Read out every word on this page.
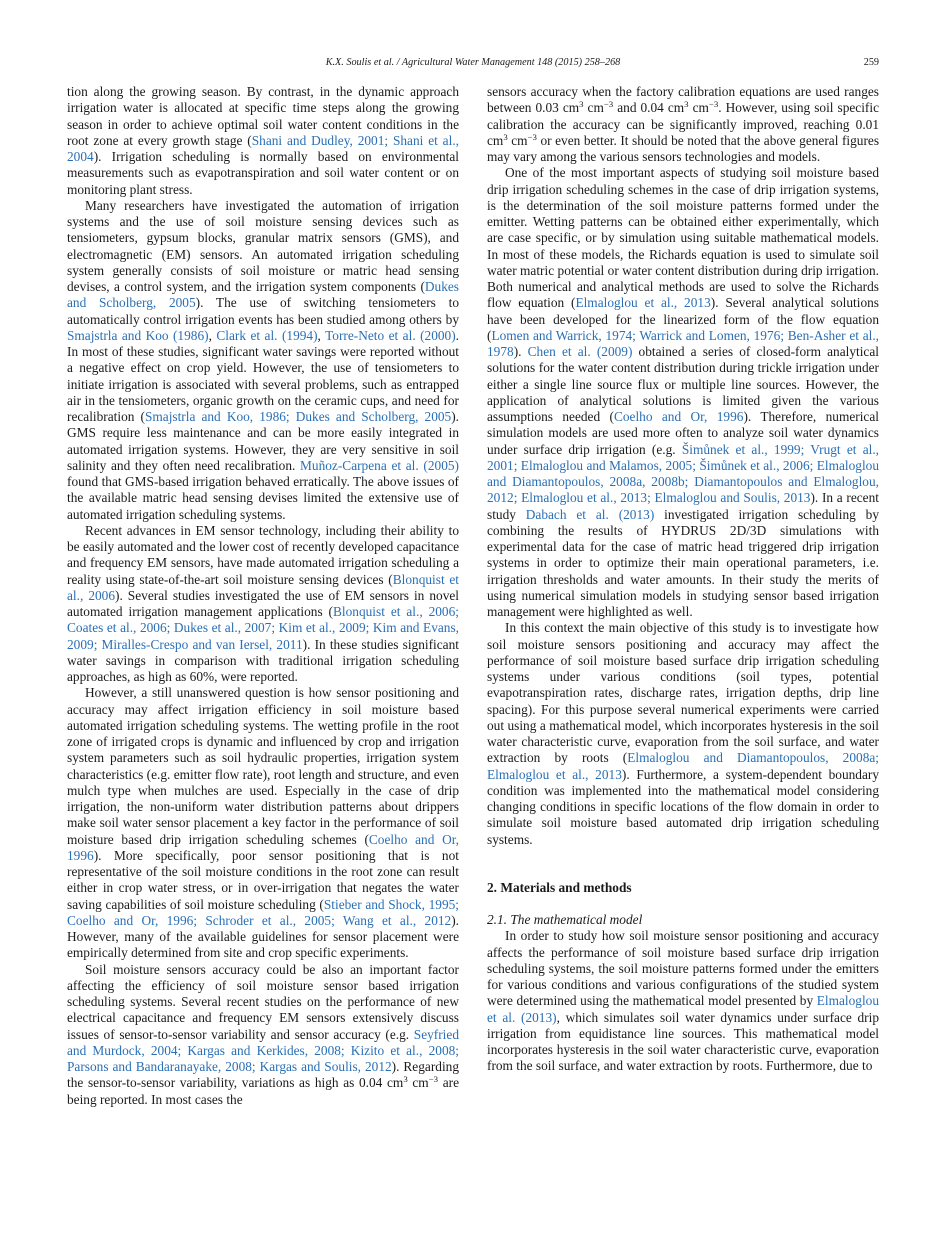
K.X. Soulis et al. / Agricultural Water Management 148 (2015) 258–268	259

tion along the growing season. By contrast, in the dynamic approach irrigation water is allocated at specific time steps along the growing season in order to achieve optimal soil water content conditions in the root zone at every growth stage (Shani and Dudley, 2001; Shani et al., 2004). Irrigation scheduling is normally based on environmental measurements such as evapotranspiration and soil water content or on monitoring plant stress.

Many researchers have investigated the automation of irrigation systems and the use of soil moisture sensing devices such as tensiometers, gypsum blocks, granular matrix sensors (GMS), and electromagnetic (EM) sensors. An automated irrigation scheduling system generally consists of soil moisture or matric head sensing devises, a control system, and the irrigation system components (Dukes and Scholberg, 2005). The use of switching tensiometers to automatically control irrigation events has been studied among others by Smajstrla and Koo (1986), Clark et al. (1994), Torre-Neto et al. (2000). In most of these studies, significant water savings were reported without a negative effect on crop yield. However, the use of tensiometers to initiate irrigation is associated with several problems, such as entrapped air in the tensiometers, organic growth on the ceramic cups, and need for recalibration (Smajstrla and Koo, 1986; Dukes and Scholberg, 2005). GMS require less maintenance and can be more easily integrated in automated irrigation systems. However, they are very sensitive in soil salinity and they often need recalibration. Muñoz-Carpena et al. (2005) found that GMS-based irrigation behaved erratically. The above issues of the available matric head sensing devises limited the extensive use of automated irrigation scheduling systems.

Recent advances in EM sensor technology, including their ability to be easily automated and the lower cost of recently developed capacitance and frequency EM sensors, have made automated irrigation scheduling a reality using state-of-the-art soil moisture sensing devices (Blonquist et al., 2006). Several studies investigated the use of EM sensors in novel automated irrigation management applications (Blonquist et al., 2006; Coates et al., 2006; Dukes et al., 2007; Kim et al., 2009; Kim and Evans, 2009; Miralles-Crespo and van Iersel, 2011). In these studies significant water savings in comparison with traditional irrigation scheduling approaches, as high as 60%, were reported.

However, a still unanswered question is how sensor positioning and accuracy may affect irrigation efficiency in soil moisture based automated irrigation scheduling systems. The wetting profile in the root zone of irrigated crops is dynamic and influenced by crop and irrigation system parameters such as soil hydraulic properties, irrigation system characteristics (e.g. emitter flow rate), root length and structure, and even mulch type when mulches are used. Especially in the case of drip irrigation, the non-uniform water distribution patterns about drippers make soil water sensor placement a key factor in the performance of soil moisture based drip irrigation scheduling schemes (Coelho and Or, 1996). More specifically, poor sensor positioning that is not representative of the soil moisture conditions in the root zone can result either in crop water stress, or in over-irrigation that negates the water saving capabilities of soil moisture scheduling (Stieber and Shock, 1995; Coelho and Or, 1996; Schroder et al., 2005; Wang et al., 2012). However, many of the available guidelines for sensor placement were empirically determined from site and crop specific experiments.

Soil moisture sensors accuracy could be also an important factor affecting the efficiency of soil moisture sensor based irrigation scheduling systems. Several recent studies on the performance of new electrical capacitance and frequency EM sensors extensively discuss issues of sensor-to-sensor variability and sensor accuracy (e.g. Seyfried and Murdock, 2004; Kargas and Kerkides, 2008; Kizito et al., 2008; Parsons and Bandaranayake, 2008; Kargas and Soulis, 2012). Regarding the sensor-to-sensor variability, variations as high as 0.04 $cm^3$ $cm^{-3}$ are being reported. In most cases the

sensors accuracy when the factory calibration equations are used ranges between 0.03 $cm^3$ $cm^{-3}$ and 0.04 $cm^3$ $cm^{-3}$. However, using soil specific calibration the accuracy can be significantly improved, reaching 0.01 $cm^3$ $cm^{-3}$ or even better. It should be noted that the above general figures may vary among the various sensors technologies and models.

One of the most important aspects of studying soil moisture based drip irrigation scheduling schemes in the case of drip irrigation systems, is the determination of the soil moisture patterns formed under the emitter. Wetting patterns can be obtained either experimentally, which are case specific, or by simulation using suitable mathematical models. In most of these models, the Richards equation is used to simulate soil water matric potential or water content distribution during drip irrigation. Both numerical and analytical methods are used to solve the Richards flow equation (Elmaloglou et al., 2013). Several analytical solutions have been developed for the linearized form of the flow equation (Lomen and Warrick, 1974; Warrick and Lomen, 1976; Ben-Asher et al., 1978). Chen et al. (2009) obtained a series of closed-form analytical solutions for the water content distribution during trickle irrigation under either a single line source flux or multiple line sources. However, the application of analytical solutions is limited given the various assumptions needed (Coelho and Or, 1996). Therefore, numerical simulation models are used more often to analyze soil water dynamics under surface drip irrigation (e.g. Šimůnek et al., 1999; Vrugt et al., 2001; Elmaloglou and Malamos, 2005; Šimůnek et al., 2006; Elmaloglou and Diamantopoulos, 2008a, 2008b; Diamantopoulos and Elmaloglou, 2012; Elmaloglou et al., 2013; Elmaloglou and Soulis, 2013). In a recent study Dabach et al. (2013) investigated irrigation scheduling by combining the results of HYDRUS 2D/3D simulations with experimental data for the case of matric head triggered drip irrigation systems in order to optimize their main operational parameters, i.e. irrigation thresholds and water amounts. In their study the merits of using numerical simulation models in studying sensor based irrigation management were highlighted as well.

In this context the main objective of this study is to investigate how soil moisture sensors positioning and accuracy may affect the performance of soil moisture based surface drip irrigation scheduling systems under various conditions (soil types, potential evapotranspiration rates, discharge rates, irrigation depths, drip line spacing). For this purpose several numerical experiments were carried out using a mathematical model, which incorporates hysteresis in the soil water characteristic curve, evaporation from the soil surface, and water extraction by roots (Elmaloglou and Diamantopoulos, 2008a; Elmaloglou et al., 2013). Furthermore, a system-dependent boundary condition was implemented into the mathematical model considering changing conditions in specific locations of the flow domain in order to simulate soil moisture based automated drip irrigation scheduling systems.

2. Materials and methods
2.1. The mathematical model

In order to study how soil moisture sensor positioning and accuracy affects the performance of soil moisture based surface drip irrigation scheduling systems, the soil moisture patterns formed under the emitters for various conditions and various configurations of the studied system were determined using the mathematical model presented by Elmaloglou et al. (2013), which simulates soil water dynamics under surface drip irrigation from equidistance line sources. This mathematical model incorporates hysteresis in the soil water characteristic curve, evaporation from the soil surface, and water extraction by roots. Furthermore, due to
